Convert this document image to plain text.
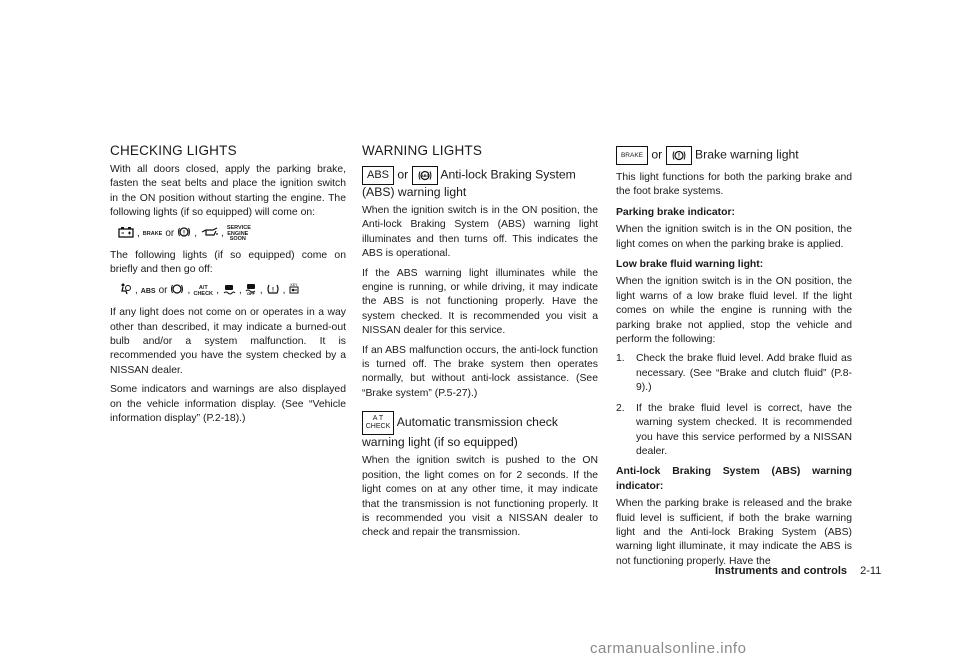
CHECKING LIGHTS

With all doors closed, apply the parking brake, fasten the seat belts and place the ignition switch in the ON position without starting the engine. The following lights (if so equipped) will come on:

, BRAKE or ! , ,
SERVICE ENGINE SOON

The following lights (if so equipped) come on briefly and then go off:

, ABS or ,	A/T CHECK , , OFF , ! ,
KEY

If any light does not come on or operates in a way other than described, it may indicate a burned-out bulb and/or a system malfunction. It is recommended you have the system checked by a NISSAN dealer.

Some indicators and warnings are also displayed on the vehicle information display. (See “Vehicle information display” (P.2-18).)

WARNING LIGHTS
ABS or	ABS Anti-lock Braking System (ABS) warning light

When the ignition switch is in the ON position, the Anti-lock Braking System (ABS) warning light illuminates and then turns off. This indicates the ABS is operational.

If the ABS warning light illuminates while the engine is running, or while driving, it may indicate the ABS is not functioning properly. Have the system checked. It is recommended you visit a NISSAN dealer for this service.

If an ABS malfunction occurs, the anti-lock function is turned off. The brake system then operates normally, but without anti-lock assistance. (See “Brake system” (P.5-27).)

A T
CHECK Automatic transmission check warning light (if so equipped)

When the ignition switch is pushed to the ON position, the light comes on for 2 seconds. If the light comes on at any other time, it may indicate that the transmission is not functioning properly. It is recommended you visit a NISSAN dealer to check and repair the transmission.

BRAKE or	! Brake warning light

This light functions for both the parking brake and the foot brake systems.

Parking brake indicator:

When the ignition switch is in the ON position, the light comes on when the parking brake is applied.

Low brake fluid warning light:

When the ignition switch is in the ON position, the light warns of a low brake fluid level. If the light comes on while the engine is running with the parking brake not applied, stop the vehicle and perform the following:

1. Check the brake fluid level. Add brake fluid as necessary. (See “Brake and clutch fluid” (P.8-9).)
2. If the brake fluid level is correct, have the warning system checked. It is recommended you have this service performed by a NISSAN dealer.

Anti-lock Braking System (ABS) warning indicator:

When the parking brake is released and the brake fluid level is sufficient, if both the brake warning light and the Anti-lock Braking System (ABS) warning light illuminate, it may indicate the ABS is not functioning properly. Have the

Instruments and controls 2-11
carmanualsonline.info
